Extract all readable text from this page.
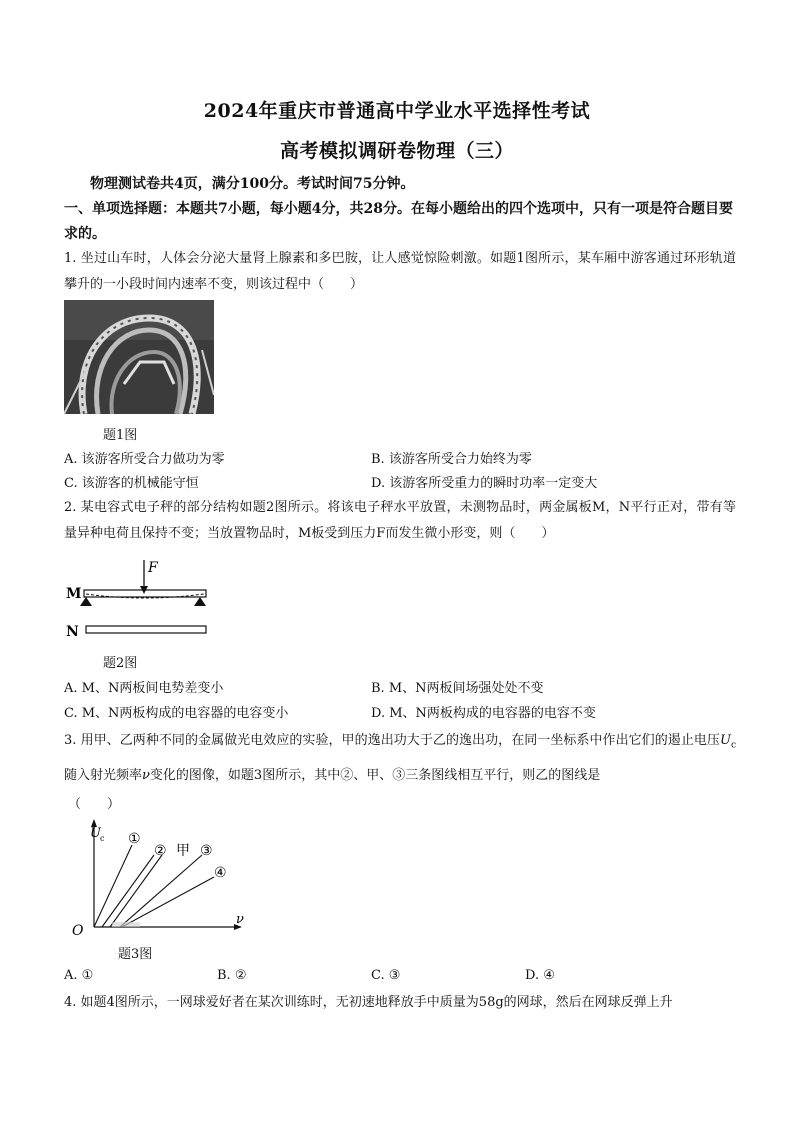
2024年重庆市普通高中学业水平选择性考试
高考模拟调研卷物理（三）
物理测试卷共4页，满分100分。考试时间75分钟。
一、单项选择题：本题共7小题，每小题4分，共28分。在每小题给出的四个选项中，只有一项是符合题目要求的。
1. 坐过山车时，人体会分泌大量肾上腺素和多巴胺，让人感觉惊险刺激。如题1图所示，某车厢中游客通过环形轨道攀升的一小段时间内速率不变，则该过程中（　　）
题1图
A. 该游客所受合力做功为零	B. 该游客所受合力始终为零
C. 该游客的机械能守恒	D. 该游客所受重力的瞬时功率一定变大
2. 某电容式电子秤的部分结构如题2图所示。将该电子秤水平放置，未测物品时，两金属板M，N平行正对，带有等量异种电荷且保持不变；当放置物品时，M板受到压力F而发生微小形变，则（　　）
F
M
N
题2图
A. M、N两板间电势差变小	B. M、N两板间场强处处不变
C. M、N两板构成的电容器的电容变小	D. M、N两板构成的电容器的电容不变
3. 用甲、乙两种不同的金属做光电效应的实验，甲的逸出功大于乙的逸出功，在同一坐标系中作出它们的遏止电压$U_c$随入射光频率ν变化的图像，如题3图所示，其中②、甲、③三条图线相互平行，则乙的图线是
（　　）
U c
ν
O
①
② 甲 ③
④
题3图
A. ①	B. ②	C. ③	D. ④
4. 如题4图所示，一网球爱好者在某次训练时，无初速地释放手中质量为58g的网球，然后在网球反弹上升
